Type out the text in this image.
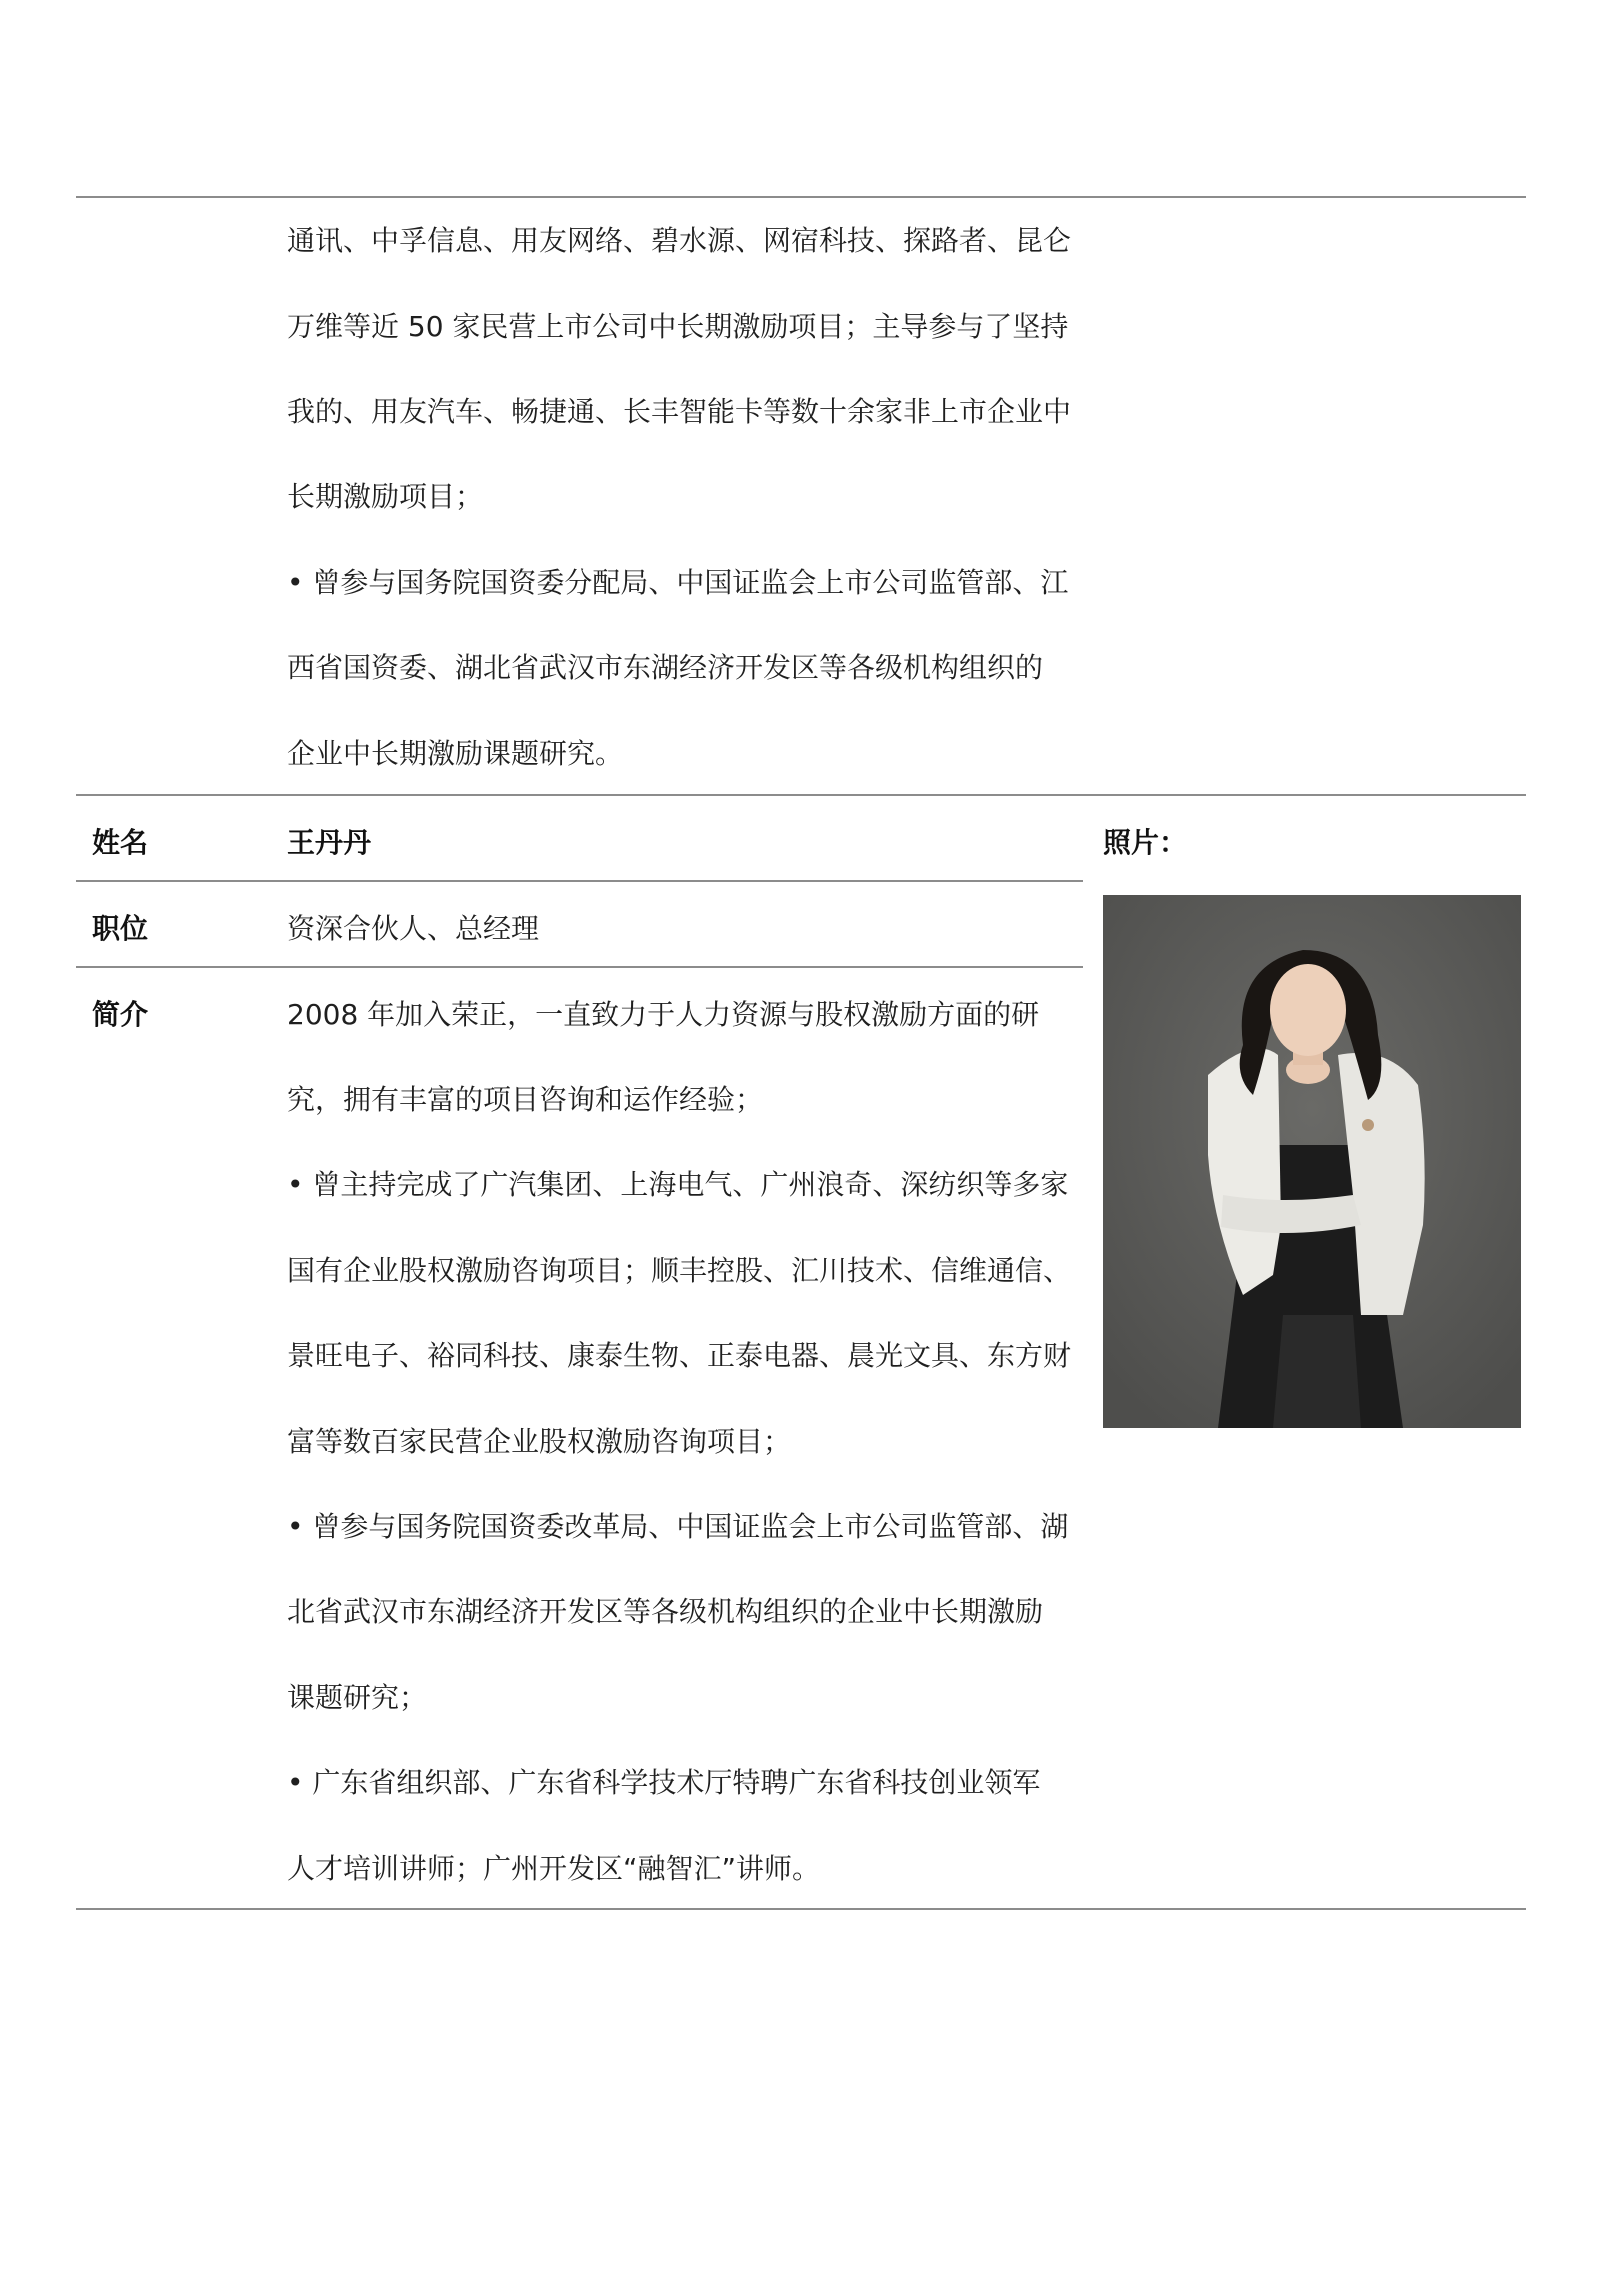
通讯、中孚信息、用友网络、碧水源、网宿科技、探路者、昆仑
万维等近 50 家民营上市公司中长期激励项目；主导参与了坚持
我的、用友汽车、畅捷通、长丰智能卡等数十余家非上市企业中
长期激励项目；
• 曾参与国务院国资委分配局、中国证监会上市公司监管部、江
西省国资委、湖北省武汉市东湖经济开发区等各级机构组织的
企业中长期激励课题研究。
姓名	王丹丹	照片：
职位	资深合伙人、总经理
简介	2008 年加入荣正，一直致力于人力资源与股权激励方面的研
究，拥有丰富的项目咨询和运作经验；
• 曾主持完成了广汽集团、上海电气、广州浪奇、深纺织等多家
国有企业股权激励咨询项目；顺丰控股、汇川技术、信维通信、
景旺电子、裕同科技、康泰生物、正泰电器、晨光文具、东方财
富等数百家民营企业股权激励咨询项目；
• 曾参与国务院国资委改革局、中国证监会上市公司监管部、湖
北省武汉市东湖经济开发区等各级机构组织的企业中长期激励
课题研究；
• 广东省组织部、广东省科学技术厅特聘广东省科技创业领军
人才培训讲师；广州开发区“融智汇”讲师。
